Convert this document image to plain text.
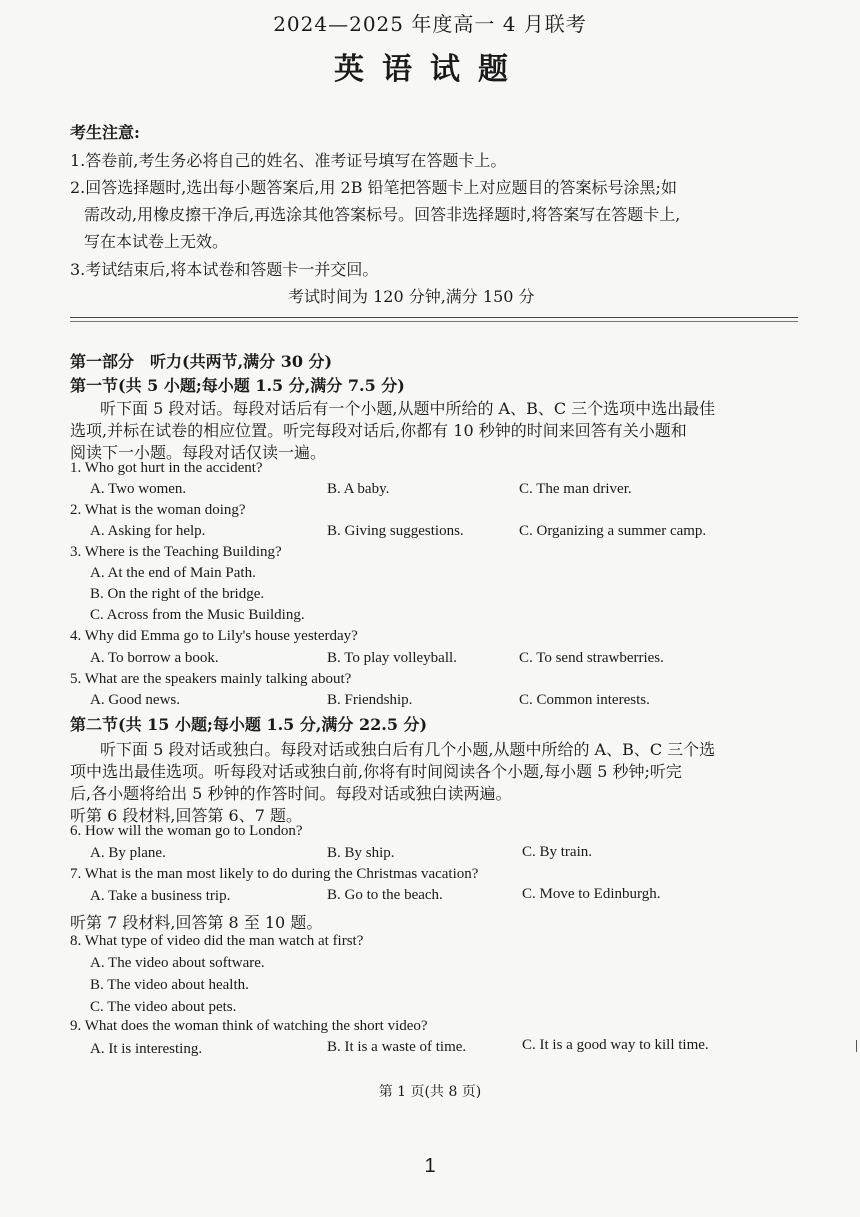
2024—2025 年度高一 4 月联考
英语试题
考生注意:
1.答卷前,考生务必将自己的姓名、准考证号填写在答题卡上。
2.回答选择题时,选出每小题答案后,用 2B 铅笔把答题卡上对应题目的答案标号涂黑;如
需改动,用橡皮擦干净后,再选涂其他答案标号。回答非选择题时,将答案写在答题卡上,
写在本试卷上无效。
3.考试结束后,将本试卷和答题卡一并交回。
考试时间为 120 分钟,满分 150 分
第一部分　听力(共两节,满分 30 分)
第一节(共 5 小题;每小题 1.5 分,满分 7.5 分)
听下面 5 段对话。每段对话后有一个小题,从题中所给的 A、B、C 三个选项中选出最佳
选项,并标在试卷的相应位置。听完每段对话后,你都有 10 秒钟的时间来回答有关小题和
阅读下一小题。每段对话仅读一遍。
1. Who got hurt in the accident?
A. Two women.	B. A baby.	C. The man driver.
2. What is the woman doing?
A. Asking for help.	B. Giving suggestions.	C. Organizing a summer camp.
3. Where is the Teaching Building?
A. At the end of Main Path.
B. On the right of the bridge.
C. Across from the Music Building.
4. Why did Emma go to Lily's house yesterday?
A. To borrow a book.	B. To play volleyball.	C. To send strawberries.
5. What are the speakers mainly talking about?
A. Good news.	B. Friendship.	C. Common interests.
第二节(共 15 小题;每小题 1.5 分,满分 22.5 分)
听下面 5 段对话或独白。每段对话或独白后有几个小题,从题中所给的 A、B、C 三个选
项中选出最佳选项。听每段对话或独白前,你将有时间阅读各个小题,每小题 5 秒钟;听完
后,各小题将给出 5 秒钟的作答时间。每段对话或独白读两遍。
听第 6 段材料,回答第 6、7 题。
6. How will the woman go to London?
A. By plane.	B. By ship.	C. By train.
7. What is the man most likely to do during the Christmas vacation?
A. Take a business trip.	B. Go to the beach.	C. Move to Edinburgh.
听第 7 段材料,回答第 8 至 10 题。
8. What type of video did the man watch at first?
A. The video about software.
B. The video about health.
C. The video about pets.
9. What does the woman think of watching the short video?
A. It is interesting.	B. It is a waste of time.	C. It is a good way to kill time.
第 1 页(共 8 页)
1
